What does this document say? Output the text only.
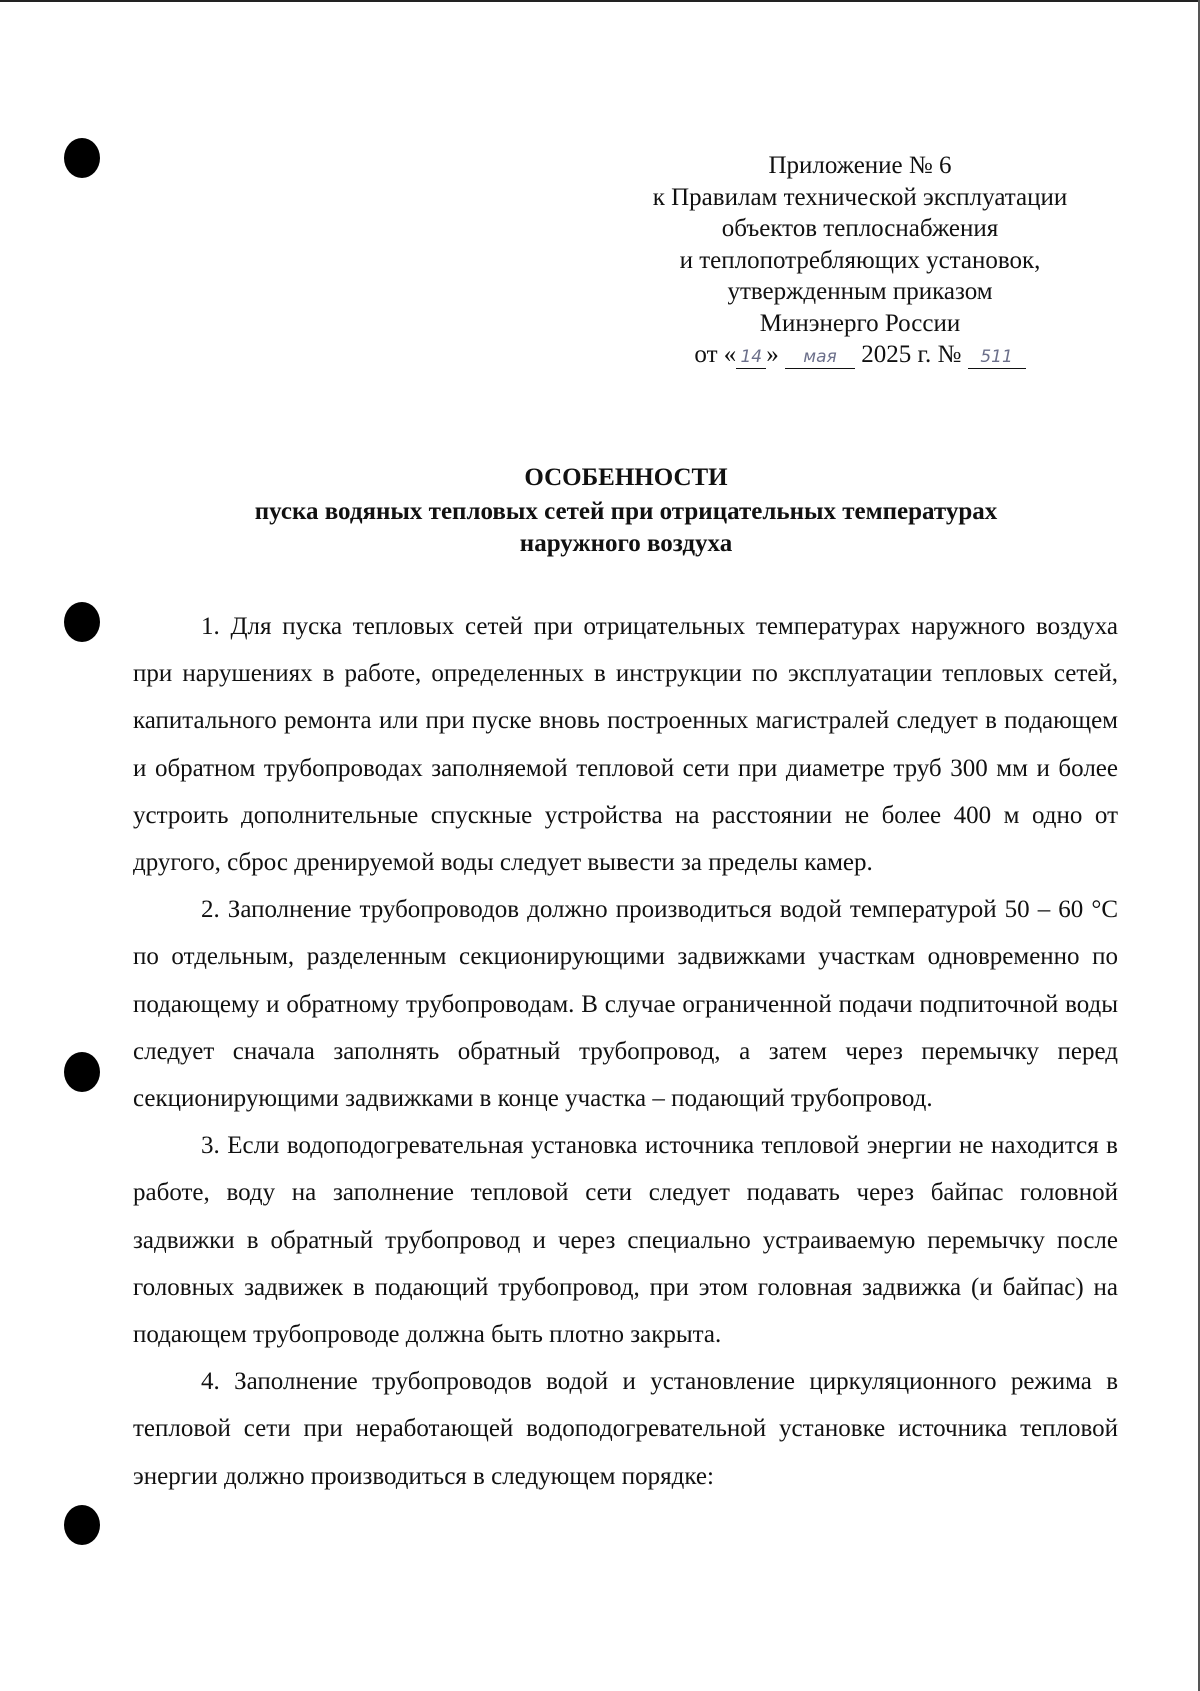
Приложение № 6
к Правилам технической эксплуатации
объектов теплоснабжения
и теплопотребляющих установок,
утвержденным приказом
Минэнерго России
от « 14 » мая 2025 г. № 511
ОСОБЕННОСТИ
пуска водяных тепловых сетей при отрицательных температурах
наружного воздуха

1. Для пуска тепловых сетей при отрицательных температурах наружного воздуха при нарушениях в работе, определенных в инструкции по эксплуатации тепловых сетей, капитального ремонта или при пуске вновь построенных магистралей следует в подающем и обратном трубопроводах заполняемой тепловой сети при диаметре труб 300 мм и более устроить дополнительные спускные устройства на расстоянии не более 400 м одно от другого, сброс дренируемой воды следует вывести за пределы камер.

2. Заполнение трубопроводов должно производиться водой температурой 50 – 60 °С по отдельным, разделенным секционирующими задвижками участкам одновременно по подающему и обратному трубопроводам. В случае ограниченной подачи подпиточной воды следует сначала заполнять обратный трубопровод, а затем через перемычку перед секционирующими задвижками в конце участка – подающий трубопровод.

3. Если водоподогревательная установка источника тепловой энергии не находится в работе, воду на заполнение тепловой сети следует подавать через байпас головной задвижки в обратный трубопровод и через специально устраиваемую перемычку после головных задвижек в подающий трубопровод, при этом головная задвижка (и байпас) на подающем трубопроводе должна быть плотно закрыта.

4. Заполнение трубопроводов водой и установление циркуляционного режима в тепловой сети при неработающей водоподогревательной установке источника тепловой энергии должно производиться в следующем порядке:
